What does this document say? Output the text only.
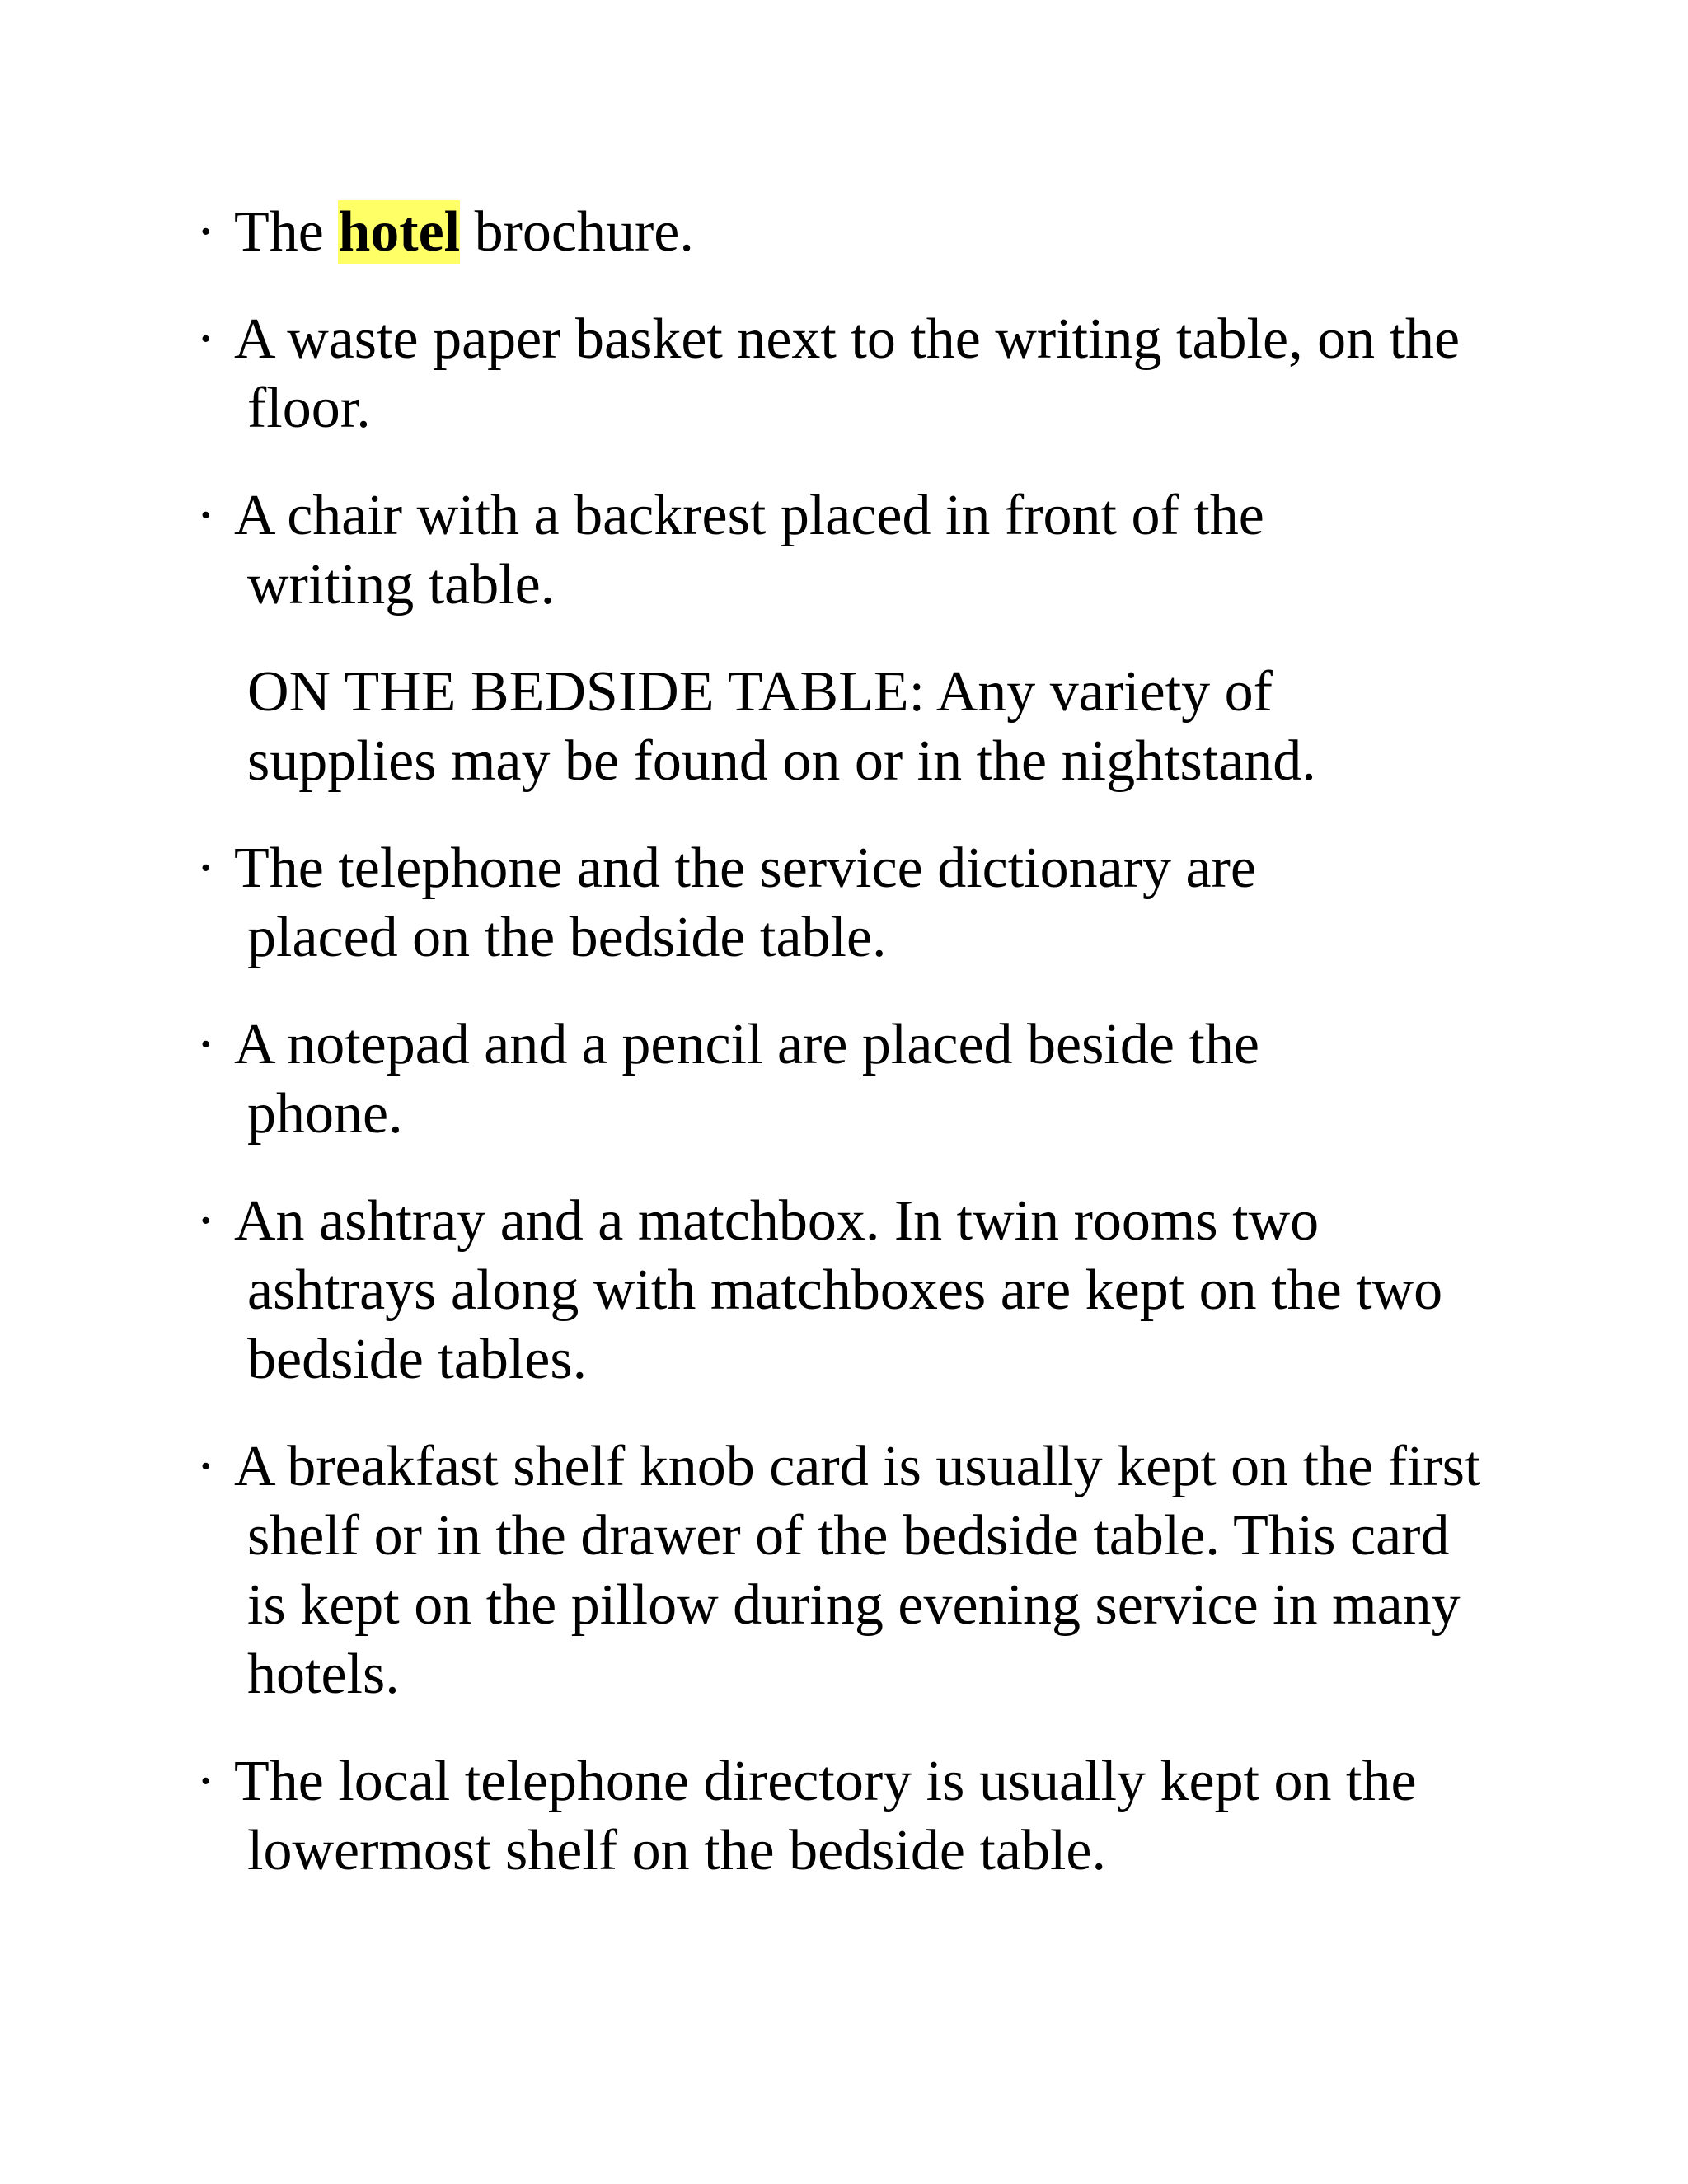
· The hotel brochure.
· A waste paper basket next to the writing table, on the floor.
· A chair with a backrest placed in front of the writing table.
ON THE BEDSIDE TABLE: Any variety of supplies may be found on or in the nightstand.
· The telephone and the service dictionary are placed on the bedside table.
· A notepad and a pencil are placed beside the phone.
· An ashtray and a matchbox. In twin rooms two ashtrays along with matchboxes are kept on the two bedside tables.
· A breakfast shelf knob card is usually kept on the first shelf or in the drawer of the bedside table. This card is kept on the pillow during evening service in many hotels.
· The local telephone directory is usually kept on the lowermost shelf on the bedside table.
